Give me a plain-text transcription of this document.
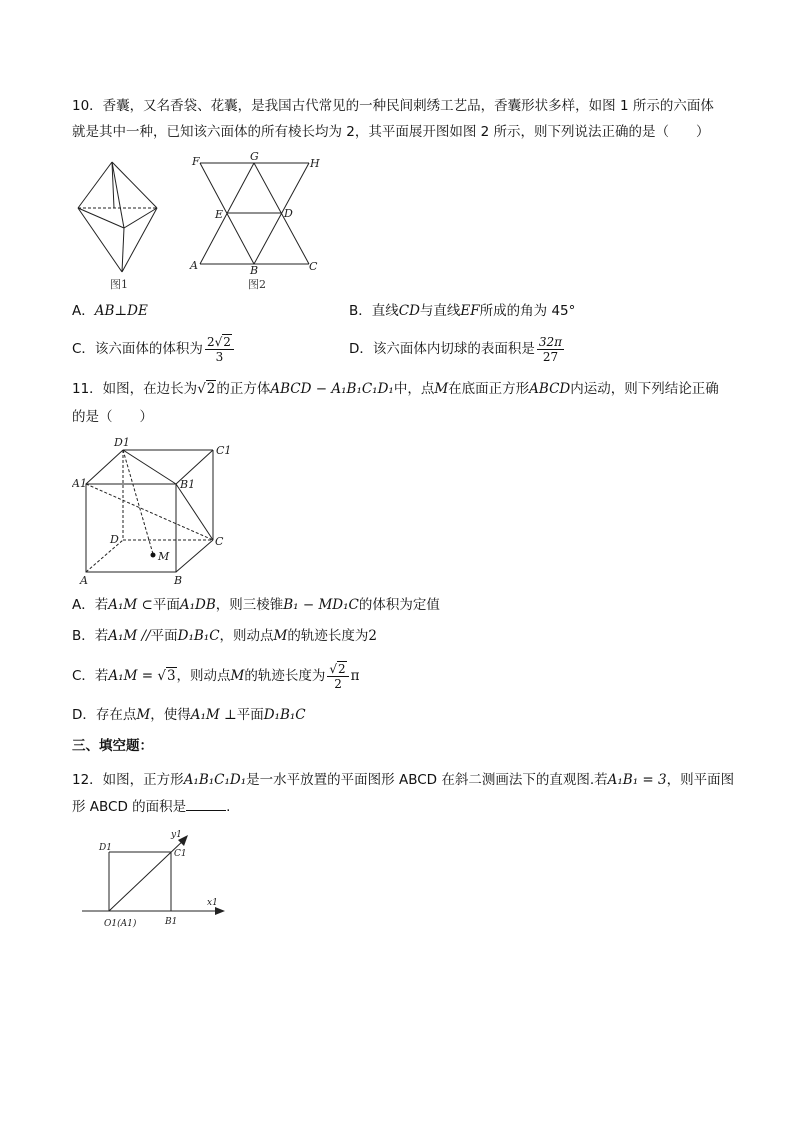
10．香囊，又名香袋、花囊，是我国古代常见的一种民间刺绣工艺品，香囊形状多样，如图 1 所示的六面体
就是其中一种，已知该六面体的所有棱长均为 2，其平面展开图如图 2 所示，则下列说法正确的是（　　）
图1
F	G
H
E	D
A	B	C
图2
A．AB⊥DE	B．直线CD与直线EF所成的角为 45°
C．该六面体的体积为 $\frac{2√2}{3}$	D．该六面体内切球的表面积是 $\frac{32\pi}{27}$
11．如图，在边长为√2的正方体ABCD − A₁B₁C₁D₁中，点M在底面正方形ABCD内运动，则下列结论正确
的是（　　）
D1
C1
A1	B1
D
M
C
A	B
A．若A₁M ⊂平面A₁DB，则三棱锥B₁ − MD₁C的体积为定值
B．若A₁M //平面D₁B₁C，则动点M的轨迹长度为2
C．若A₁M = √3，则动点M的轨迹长度为 $\frac{√2}{2}$ π
D．存在点M，使得A₁M ⊥平面D₁B₁C
三、填空题：
12．如图，正方形A₁B₁C₁D₁是一水平放置的平面图形 ABCD 在斜二测画法下的直观图.若A₁B₁ = 3，则平面图
形 ABCD 的面积是	.
y1
D1
C1
x1
O1(A1)	B1
